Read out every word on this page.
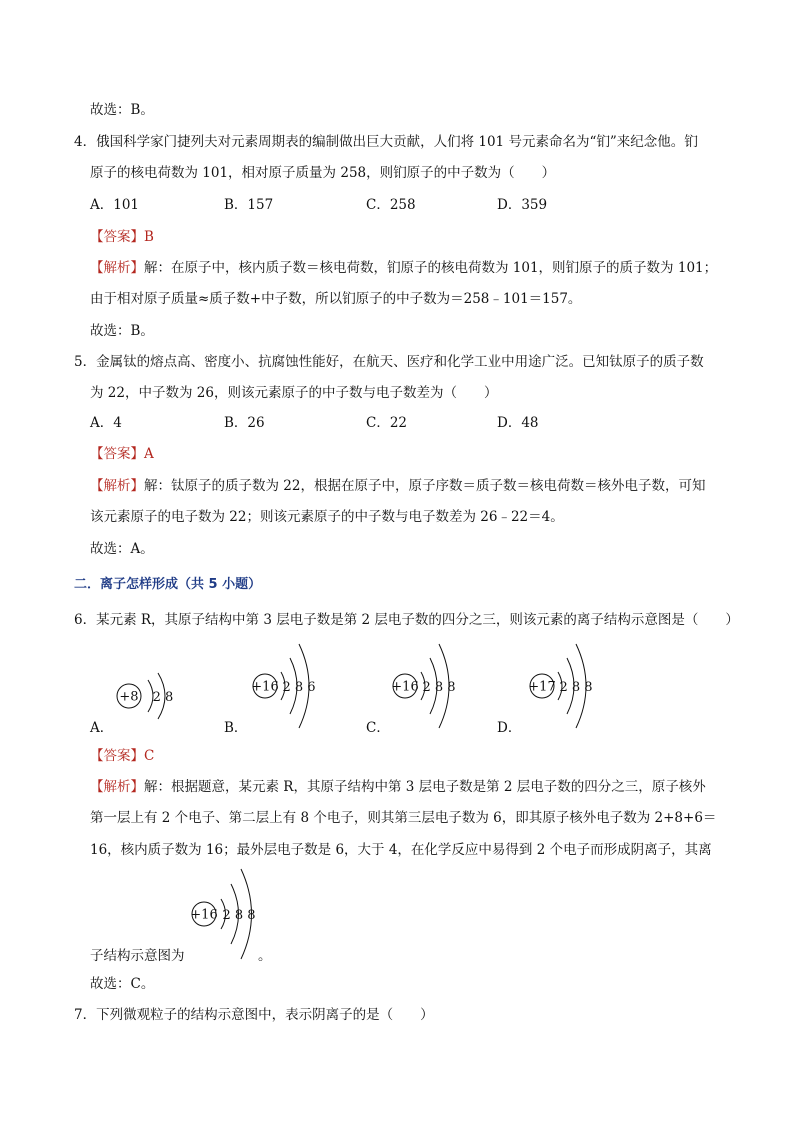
故选：B。
4．俄国科学家门捷列夫对元素周期表的编制做出巨大贡献，人们将 101 号元素命名为“钔”来纪念他。钔
原子的核电荷数为 101，相对原子质量为 258，则钔原子的中子数为（　　）
A．101	B．157	C．258	D．359
【答案】B
【解析】解：在原子中，核内质子数＝核电荷数，钔原子的核电荷数为 101，则钔原子的质子数为 101；
由于相对原子质量≈质子数+中子数，所以钔原子的中子数为＝258﹣101＝157。
故选：B。
5．金属钛的熔点高、密度小、抗腐蚀性能好，在航天、医疗和化学工业中用途广泛。已知钛原子的质子数
为 22，中子数为 26，则该元素原子的中子数与电子数差为（　　）
A．4	B．26	C．22	D．48
【答案】A
【解析】解：钛原子的质子数为 22，根据在原子中，原子序数＝质子数＝核电荷数＝核外电子数，可知
该元素原子的电子数为 22；则该元素原子的中子数与电子数差为 26﹣22＝4。
故选：A。
二．离子怎样形成（共 5 小题）
6．某元素 R，其原子结构中第 3 层电子数是第 2 层电子数的四分之三，则该元素的离子结构示意图是（　　）
+8 2 8
A．
+16 2 8 6
B．
+16 2 8 8
C．
+17 2 8 8
D．
【答案】C
【解析】解：根据题意，某元素 R，其原子结构中第 3 层电子数是第 2 层电子数的四分之三，原子核外
第一层上有 2 个电子、第二层上有 8 个电子，则其第三层电子数为 6，即其原子核外电子数为 2+8+6＝
16，核内质子数为 16；最外层电子数是 6，大于 4，在化学反应中易得到 2 个电子而形成阴离子，其离
+16 2 8 8
子结构示意图为	。
故选：C。
7．下列微观粒子的结构示意图中，表示阴离子的是（　　）
